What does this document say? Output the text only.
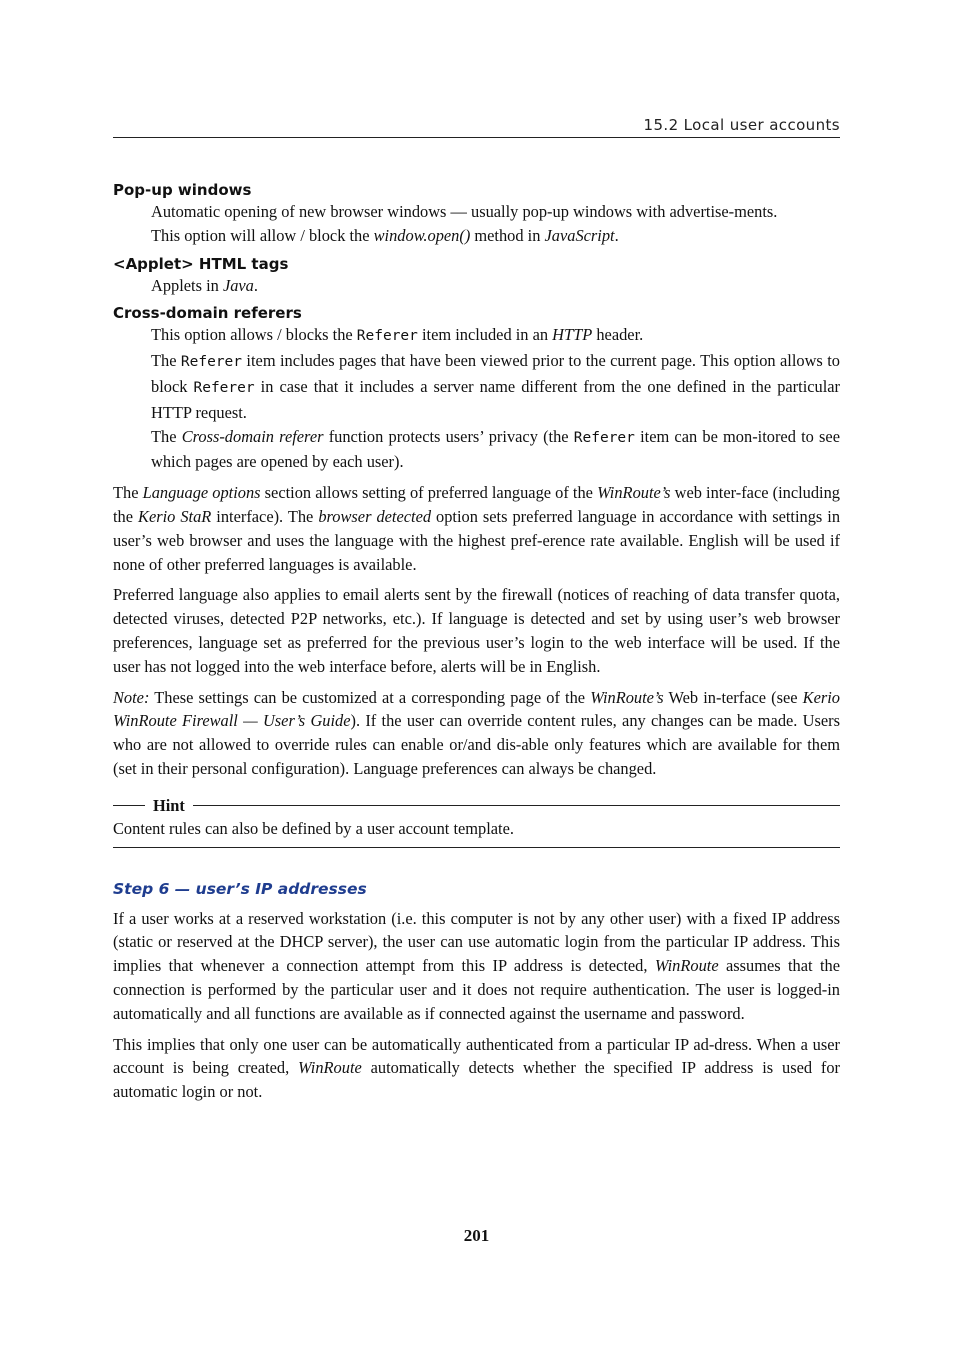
15.2 Local user accounts
Pop-up windows

Automatic opening of new browser windows — usually pop-up windows with advertise-ments.

This option will allow / block the window.open() method in JavaScript.

<Applet> HTML tags

Applets in Java.

Cross-domain referers

This option allows / blocks the Referer item included in an HTTP header.

The Referer item includes pages that have been viewed prior to the current page. This option allows to block Referer in case that it includes a server name different from the one defined in the particular HTTP request.

The Cross-domain referer function protects users’ privacy (the Referer item can be mon-itored to see which pages are opened by each user).

The Language options section allows setting of preferred language of the WinRoute’s web inter-face (including the Kerio StaR interface). The browser detected option sets preferred language in accordance with settings in user’s web browser and uses the language with the highest pref-erence rate available. English will be used if none of other preferred languages is available.

Preferred language also applies to email alerts sent by the firewall (notices of reaching of data transfer quota, detected viruses, detected P2P networks, etc.). If language is detected and set by using user’s web browser preferences, language set as preferred for the previous user’s login to the web interface will be used. If the user has not logged into the web interface before, alerts will be in English.

Note: These settings can be customized at a corresponding page of the WinRoute’s Web in-terface (see Kerio WinRoute Firewall — User’s Guide). If the user can override content rules, any changes can be made. Users who are not allowed to override rules can enable or/and dis-able only features which are available for them (set in their personal configuration). Language preferences can always be changed.

Hint
Content rules can also be defined by a user account template.
Step 6 — user’s IP addresses

If a user works at a reserved workstation (i.e. this computer is not by any other user) with a fixed IP address (static or reserved at the DHCP server), the user can use automatic login from the particular IP address. This implies that whenever a connection attempt from this IP address is detected, WinRoute assumes that the connection is performed by the particular user and it does not require authentication. The user is logged-in automatically and all functions are available as if connected against the username and password.

This implies that only one user can be automatically authenticated from a particular IP ad-dress. When a user account is being created, WinRoute automatically detects whether the specified IP address is used for automatic login or not.

201
